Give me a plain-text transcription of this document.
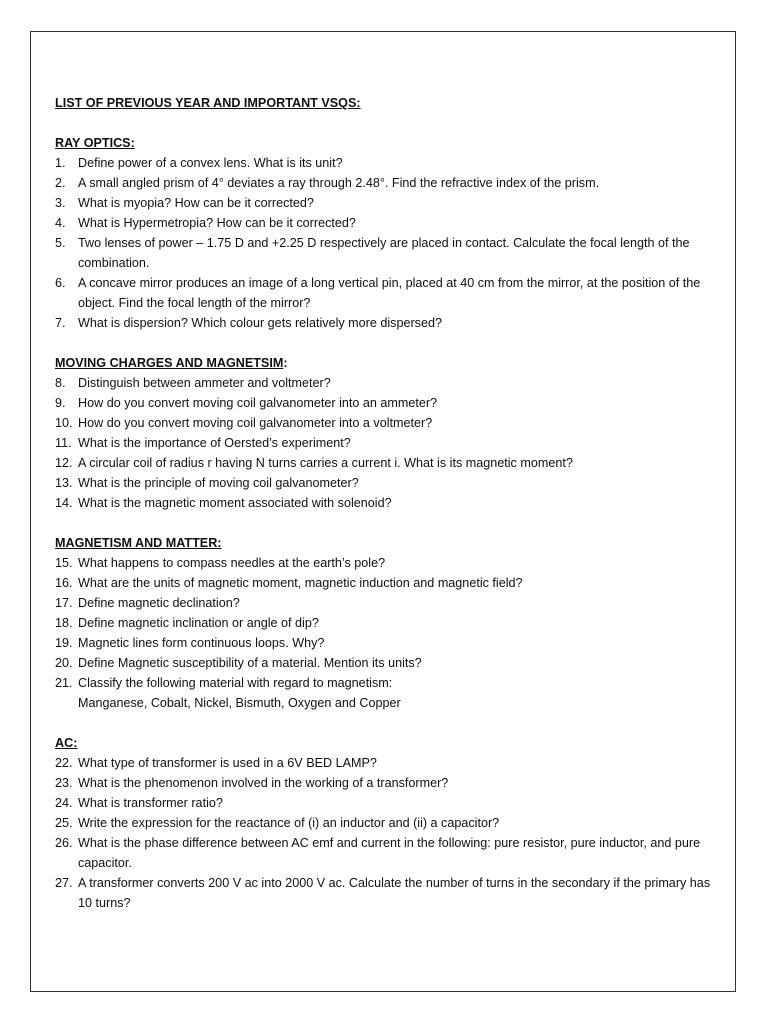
LIST OF PREVIOUS YEAR AND IMPORTANT VSQS:
RAY OPTICS:
1. Define power of a convex lens. What is its unit?
2. A small angled prism of 4° deviates a ray through 2.48°. Find the refractive index of the prism.
3. What is myopia? How can be it corrected?
4. What is Hypermetropia? How can be it corrected?
5. Two lenses of power – 1.75 D and +2.25 D respectively are placed in contact. Calculate the focal length of the combination.
6. A concave mirror produces an image of a long vertical pin, placed at 40 cm from the mirror, at the position of the object. Find the focal length of the mirror?
7. What is dispersion? Which colour gets relatively more dispersed?
MOVING CHARGES AND MAGNETSIM:
8. Distinguish between ammeter and voltmeter?
9. How do you convert moving coil galvanometer into an ammeter?
10. How do you convert moving coil galvanometer into a voltmeter?
11. What is the importance of Oersted’s experiment?
12. A circular coil of radius r having N turns carries a current i. What is its magnetic moment?
13. What is the principle of moving coil galvanometer?
14. What is the magnetic moment associated with solenoid?
MAGNETISM AND MATTER:
15. What happens to compass needles at the earth’s pole?
16. What are the units of magnetic moment, magnetic induction and magnetic field?
17. Define magnetic declination?
18. Define magnetic inclination or angle of dip?
19. Magnetic lines form continuous loops. Why?
20. Define Magnetic susceptibility of a material. Mention its units?
21. Classify the following material with regard to magnetism:
Manganese, Cobalt, Nickel, Bismuth, Oxygen and Copper
AC:
22. What type of transformer is used in a 6V BED LAMP?
23. What is the phenomenon involved in the working of a transformer?
24. What is transformer ratio?
25. Write the expression for the reactance of (i) an inductor and (ii) a capacitor?
26. What is the phase difference between AC emf and current in the following: pure resistor, pure inductor, and pure capacitor.
27. A transformer converts 200 V ac into 2000 V ac. Calculate the number of turns in the secondary if the primary has 10 turns?
